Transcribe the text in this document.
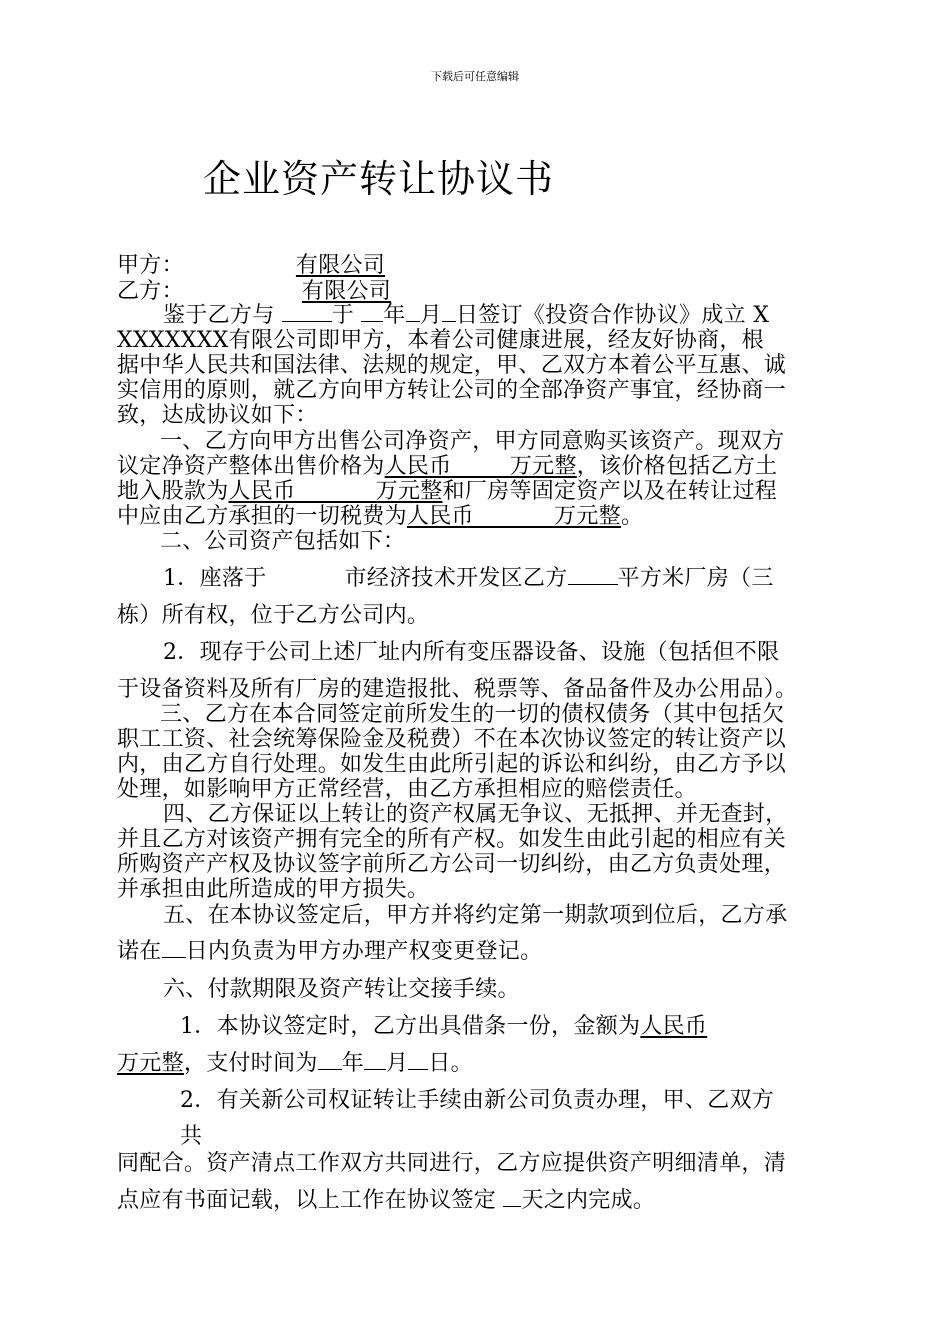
下载后可任意编辑
企业资产转让协议书
甲方：	有限公司
乙方：	有限公司
鉴于乙方与 于 年 月 日签订《投资合作协议》成立 X
XXXXXXX有限公司即甲方，本着公司健康进展，经友好协商，根
据中华人民共和国法律、法规的规定，甲、乙双方本着公平互惠、诚
实信用的原则，就乙方向甲方转让公司的全部净资产事宜，经协商一
致，达成协议如下：
一、乙方向甲方出售公司净资产，甲方同意购买该资产。现双方
议定净资产整体出售价格为人民币        万元整，该价格包括乙方土
地入股款为人民币           万元整和厂房等固定资产以及在转让过程
中应由乙方承担的一切税费为人民币           万元整。
二、公司资产包括如下：
1．座落于	市经济技术开发区乙方 平方米厂房（三
栋）所有权，位于乙方公司内。
2．现存于公司上述厂址内所有变压器设备、设施（包括但不限
于设备资料及所有厂房的建造报批、税票等、备品备件及办公用品）。
三、乙方在本合同签定前所发生的一切的债权债务（其中包括欠
职工工资、社会统筹保险金及税费）不在本次协议签定的转让资产以
内，由乙方自行处理。如发生由此所引起的诉讼和纠纷，由乙方予以
处理，如影响甲方正常经营，由乙方承担相应的赔偿责任。
四、乙方保证以上转让的资产权属无争议、无抵押、并无查封，
并且乙方对该资产拥有完全的所有产权。如发生由此引起的相应有关
所购资产产权及协议签字前所乙方公司一切纠纷，由乙方负责处理，
并承担由此所造成的甲方损失。
五、在本协议签定后，甲方并将约定第一期款项到位后，乙方承
诺在 日内负责为甲方办理产权变更登记。
六、付款期限及资产转让交接手续。
1．本协议签定时，乙方出具借条一份，金额为人民币
万元整，支付时间为 年 月 日。
2．有关新公司权证转让手续由新公司负责办理，甲、乙双方
共
同配合。资产清点工作双方共同进行，乙方应提供资产明细清单，清
点应有书面记载，以上工作在协议签定 天之内完成。
